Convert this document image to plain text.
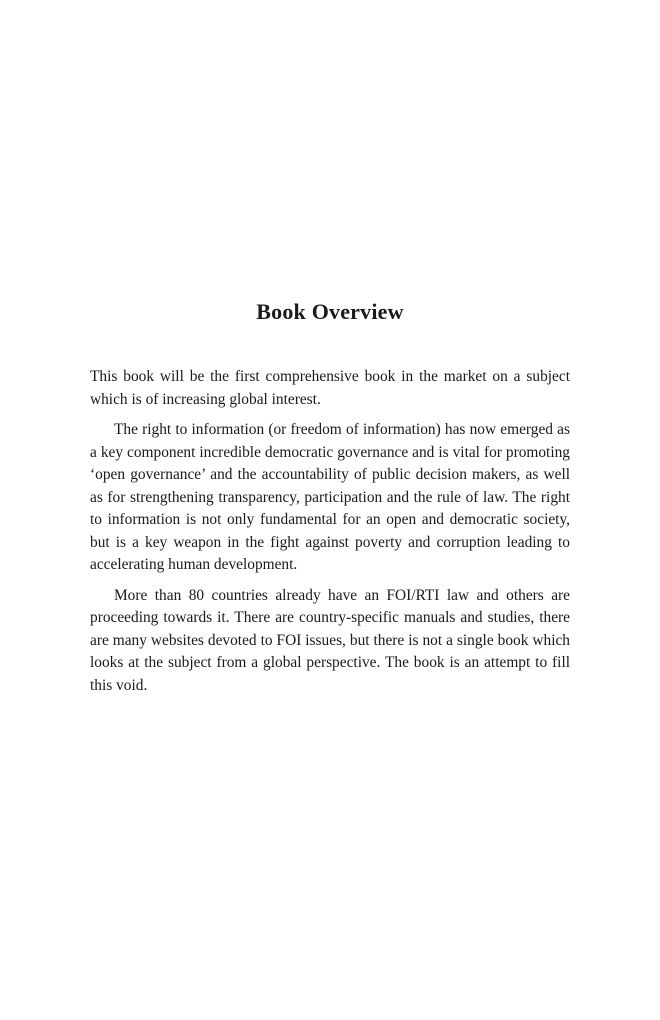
Book Overview

This book will be the first comprehensive book in the market on a subject which is of increasing global interest.

The right to information (or freedom of information) has now emerged as a key component incredible democratic governance and is vital for promoting ‘open governance’ and the accountability of public decision makers, as well as for strengthening transparency, participation and the rule of law. The right to information is not only fundamental for an open and democratic society, but is a key weapon in the fight against poverty and corruption leading to accelerating human development.

More than 80 countries already have an FOI/RTI law and others are proceeding towards it. There are country-specific manuals and studies, there are many websites devoted to FOI issues, but there is not a single book which looks at the subject from a global perspective. The book is an attempt to fill this void.
